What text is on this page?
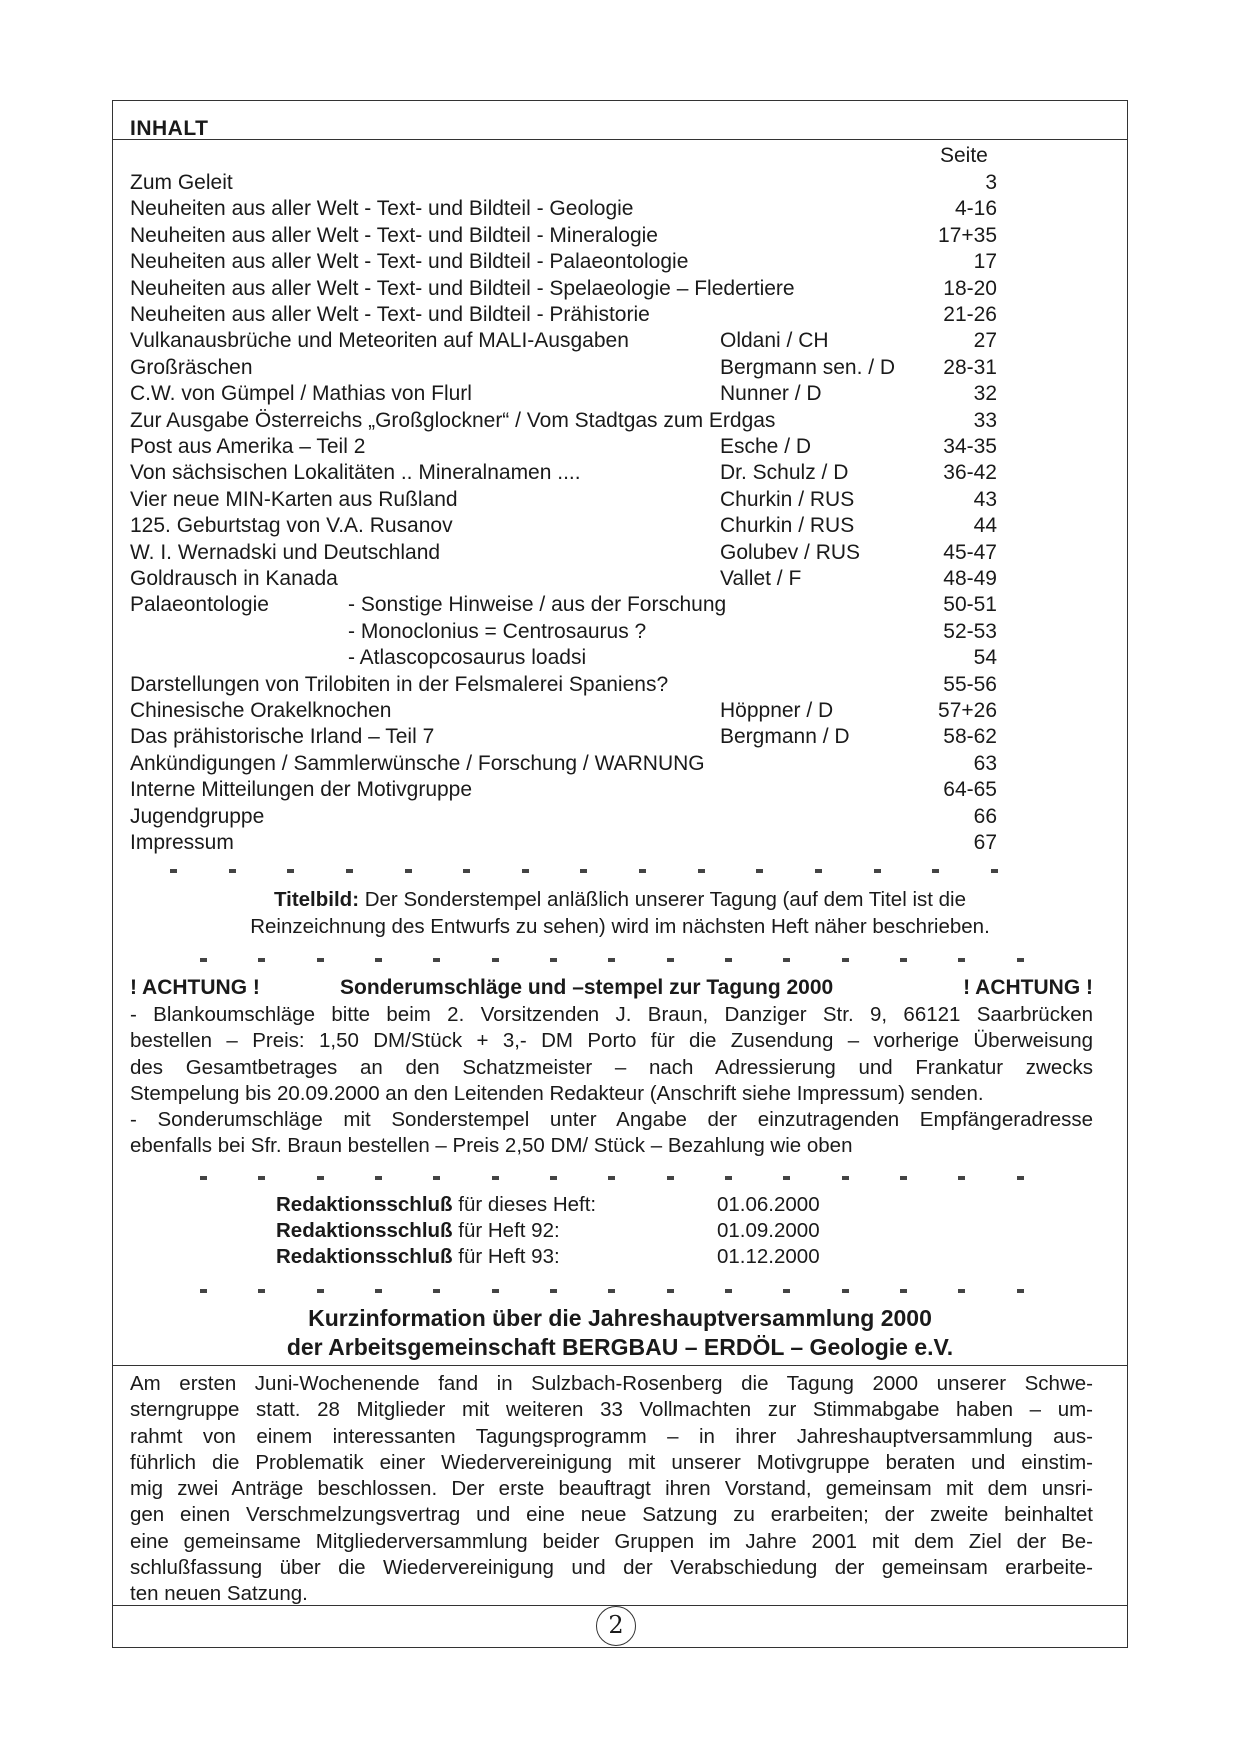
INHALT
Seite
Zum Geleit	3
Neuheiten aus aller Welt - Text- und Bildteil - Geologie	4-16
Neuheiten aus aller Welt - Text- und Bildteil - Mineralogie	17+35
Neuheiten aus aller Welt - Text- und Bildteil - Palaeontologie	17
Neuheiten aus aller Welt - Text- und Bildteil - Spelaeologie – Fledertiere	18-20
Neuheiten aus aller Welt - Text- und Bildteil - Prähistorie	21-26
Vulkanausbrüche und Meteoriten auf MALI-Ausgaben	Oldani / CH	27
Großräschen	Bergmann sen. / D 28-31
C.W. von Gümpel / Mathias von Flurl	Nunner / D	32
Zur Ausgabe Österreichs „Großglockner“ / Vom Stadtgas zum Erdgas	33
Post aus Amerika – Teil 2	Esche / D	34-35
Von sächsischen Lokalitäten .. Mineralnamen ....	Dr. Schulz / D	36-42
Vier neue MIN-Karten aus Rußland	Churkin / RUS	43
125. Geburtstag von V.A. Rusanov	Churkin / RUS	44
W. I. Wernadski und Deutschland	Golubev / RUS	45-47
Goldrausch in Kanada	Vallet / F	48-49
Palaeontologie	- Sonstige Hinweise / aus der Forschung	50-51
- Monoclonius = Centrosaurus ?	52-53
- Atlascopcosaurus loadsi	54
Darstellungen von Trilobiten in der Felsmalerei Spaniens?	55-56
Chinesische Orakelknochen	Höppner / D	57+26
Das prähistorische Irland – Teil 7	Bergmann / D	58-62
Ankündigungen / Sammlerwünsche / Forschung / WARNUNG	63
Interne Mitteilungen der Motivgruppe	64-65
Jugendgruppe	66
Impressum	67
Titelbild: Der Sonderstempel anläßlich unserer Tagung (auf dem Titel ist die
Reinzeichnung des Entwurfs zu sehen) wird im nächsten Heft näher beschrieben.
! ACHTUNG !	Sonderumschläge und –stempel zur Tagung 2000	! ACHTUNG !
- Blankoumschläge bitte beim 2. Vorsitzenden J. Braun, Danziger Str. 9, 66121 Saarbrücken
bestellen – Preis: 1,50 DM/Stück + 3,- DM Porto für die Zusendung – vorherige Überweisung
des Gesamtbetrages an den Schatzmeister – nach Adressierung und Frankatur zwecks
Stempelung bis 20.09.2000 an den Leitenden Redakteur (Anschrift siehe Impressum) senden.
- Sonderumschläge mit Sonderstempel unter Angabe der einzutragenden Empfängeradresse
ebenfalls bei Sfr. Braun bestellen – Preis 2,50 DM/ Stück – Bezahlung wie oben
Redaktionsschluß für dieses Heft:	01.06.2000
Redaktionsschluß für Heft 92:	01.09.2000
Redaktionsschluß für Heft 93:	01.12.2000
Kurzinformation über die Jahreshauptversammlung 2000
der Arbeitsgemeinschaft BERGBAU – ERDÖL – Geologie e.V.
Am ersten Juni-Wochenende fand in Sulzbach-Rosenberg die Tagung 2000 unserer Schwe-
sterngruppe statt. 28 Mitglieder mit weiteren 33 Vollmachten zur Stimmabgabe haben – um-
rahmt von einem interessanten Tagungsprogramm – in ihrer Jahreshauptversammlung aus-
führlich die Problematik einer Wiedervereinigung mit unserer Motivgruppe beraten und einstim-
mig zwei Anträge beschlossen. Der erste beauftragt ihren Vorstand, gemeinsam mit dem unsri-
gen einen Verschmelzungsvertrag und eine neue Satzung zu erarbeiten; der zweite beinhaltet
eine gemeinsame Mitgliederversammlung beider Gruppen im Jahre 2001 mit dem Ziel der Be-
schlußfassung über die Wiedervereinigung und der Verabschiedung der gemeinsam erarbeite-
ten neuen Satzung.
2
